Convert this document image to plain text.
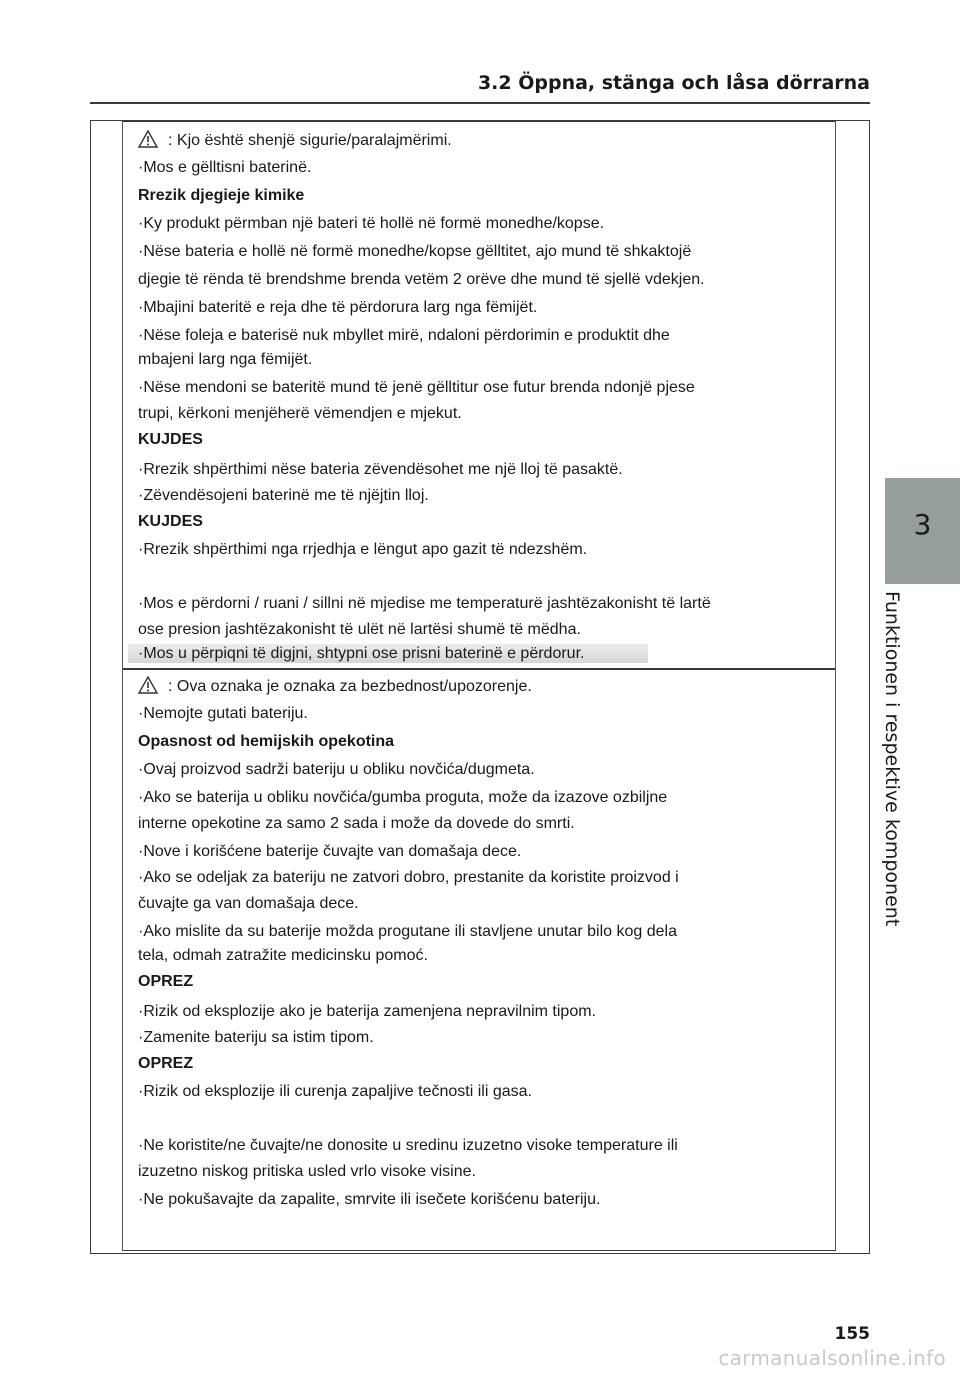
3.2 Öppna, stänga och låsa dörrarna
3
Funktionen i respektive komponent
: Kjo është shenjë sigurie/paralajmërimi.
·Mos e gëlltisni baterinë.
Rrezik djegieje kimike
·Ky produkt përmban një bateri të hollë në formë monedhe/kopse.
·Nëse bateria e hollë në formë monedhe/kopse gëlltitet, ajo mund të shkaktojë
djegie të rënda të brendshme brenda vetëm 2 orëve dhe mund të sjellë vdekjen.
·Mbajini bateritë e reja dhe të përdorura larg nga fëmijët.
·Nëse foleja e baterisë nuk mbyllet mirë, ndaloni përdorimin e produktit dhe
mbajeni larg nga fëmijët.
·Nëse mendoni se bateritë mund të jenë gëlltitur ose futur brenda ndonjë pjese
trupi, kërkoni menjëherë vëmendjen e mjekut.
KUJDES
·Rrezik shpërthimi nëse bateria zëvendësohet me një lloj të pasaktë.
·Zëvendësojeni baterinë me të njëjtin lloj.
KUJDES
·Rrezik shpërthimi nga rrjedhja e lëngut apo gazit të ndezshëm.
·Mos e përdorni / ruani / sillni në mjedise me temperaturë jashtëzakonisht të lartë
ose presion jashtëzakonisht të ulët në lartësi shumë të mëdha.
·Mos u përpiqni të digjni, shtypni ose prisni baterinë e përdorur.
: Ova oznaka je oznaka za bezbednost/upozorenje.
·Nemojte gutati bateriju.
Opasnost od hemijskih opekotina
·Ovaj proizvod sadrži bateriju u obliku novčića/dugmeta.
·Ako se baterija u obliku novčića/gumba proguta, može da izazove ozbiljne
interne opekotine za samo 2 sada i može da dovede do smrti.
·Nove i korišćene baterije čuvajte van domašaja dece.
·Ako se odeljak za bateriju ne zatvori dobro, prestanite da koristite proizvod i
čuvajte ga van domašaja dece.
·Ako mislite da su baterije možda progutane ili stavljene unutar bilo kog dela
tela, odmah zatražite medicinsku pomoć.
OPREZ
·Rizik od eksplozije ako je baterija zamenjena nepravilnim tipom.
·Zamenite bateriju sa istim tipom.
OPREZ
·Rizik od eksplozije ili curenja zapaljive tečnosti ili gasa.
·Ne koristite/ne čuvajte/ne donosite u sredinu izuzetno visoke temperature ili
izuzetno niskog pritiska usled vrlo visoke visine.
·Ne pokušavajte da zapalite, smrvite ili isečete korišćenu bateriju.
155
carmanualsonline.info
